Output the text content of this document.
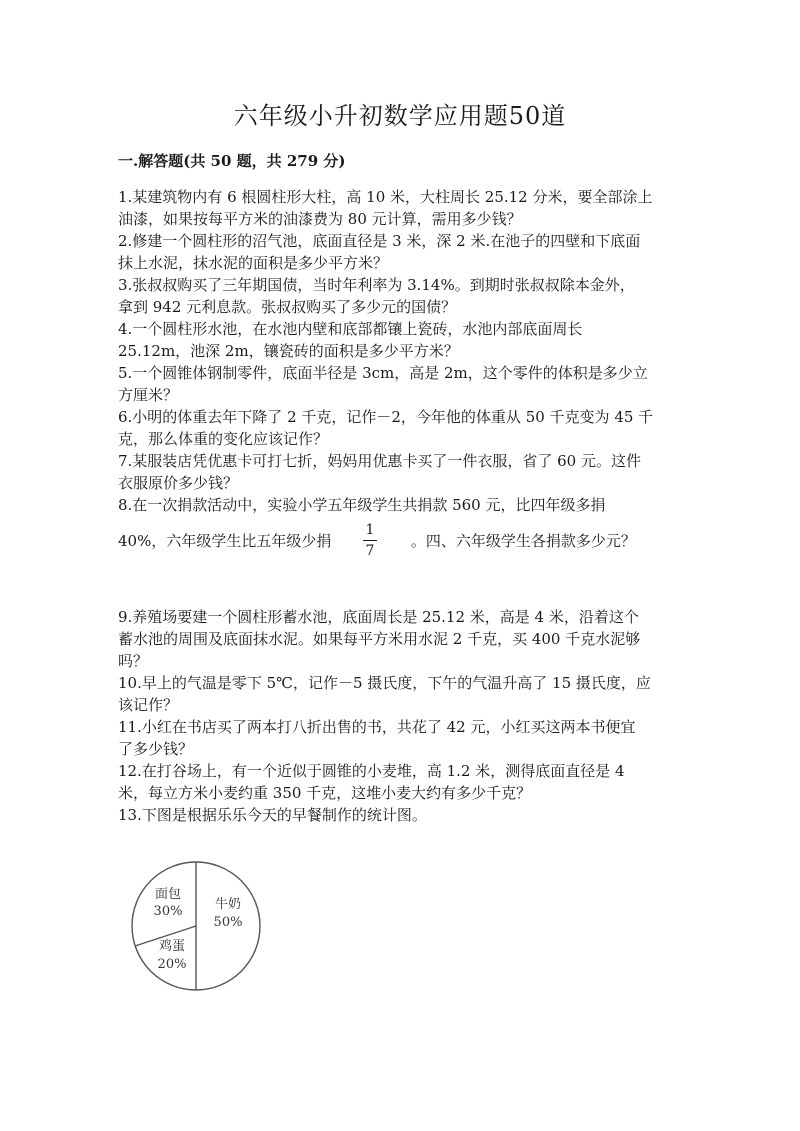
六年级小升初数学应用题50道
一.解答题(共 50 题，共 279 分)
1.某建筑物内有 6 根圆柱形大柱，高 10 米，大柱周长 25.12 分米，要全部涂上
油漆，如果按每平方米的油漆费为 80 元计算，需用多少钱？
2.修建一个圆柱形的沼气池，底面直径是 3 米，深 2 米.在池子的四壁和下底面
抹上水泥，抹水泥的面积是多少平方米？
3.张叔叔购买了三年期国债，当时年利率为 3.14%。到期时张叔叔除本金外，
拿到 942 元利息款。张叔叔购买了多少元的国债？
4.一个圆柱形水池，在水池内壁和底部都镶上瓷砖，水池内部底面周长
25.12m，池深 2m，镶瓷砖的面积是多少平方米？
5.一个圆锥体钢制零件，底面半径是 3cm，高是 2m，这个零件的体积是多少立
方厘米？
6.小明的体重去年下降了 2 千克，记作－2，今年他的体重从 50 千克变为 45 千
克，那么体重的变化应该记作？
7.某服装店凭优惠卡可打七折，妈妈用优惠卡买了一件衣服，省了 60 元。这件
衣服原价多少钱？
8.在一次捐款活动中，实验小学五年级学生共捐款 560 元，比四年级多捐
40%，六年级学生比五年级少捐	。四、六年级学生各捐款多少元？
1
7
9.养殖场要建一个圆柱形蓄水池，底面周长是 25.12 米，高是 4 米，沿着这个
蓄水池的周围及底面抹水泥。如果每平方米用水泥 2 千克，买 400 千克水泥够
吗？
10.早上的气温是零下 5℃，记作－5 摄氏度，下午的气温升高了 15 摄氏度，应
该记作？
11.小红在书店买了两本打八折出售的书，共花了 42 元，小红买这两本书便宜
了多少钱？
12.在打谷场上，有一个近似于圆锥的小麦堆，高 1.2 米，测得底面直径是 4
米，每立方米小麦约重 350 千克，这堆小麦大约有多少千克？
13.下图是根据乐乐今天的早餐制作的统计图。
牛奶
50%
面包
30%
鸡蛋
20%
